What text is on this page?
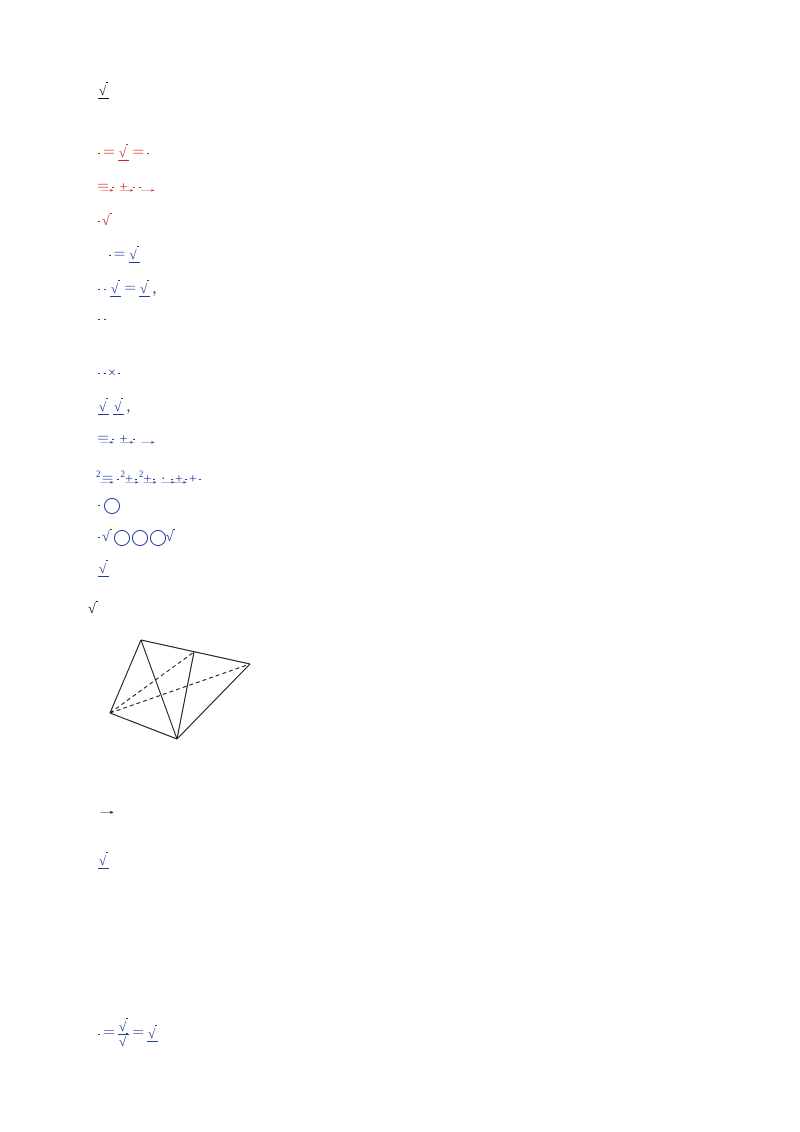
√
＝ √ ＝
＝
+
√

＝ √
√ ＝ √ ，
×
√ √ ，
＝
+
$^2$＝ $^2$+ $^2$+
·
+ +
√	√
√
√

√

＝ $\frac{√}{√}$ ＝ √
